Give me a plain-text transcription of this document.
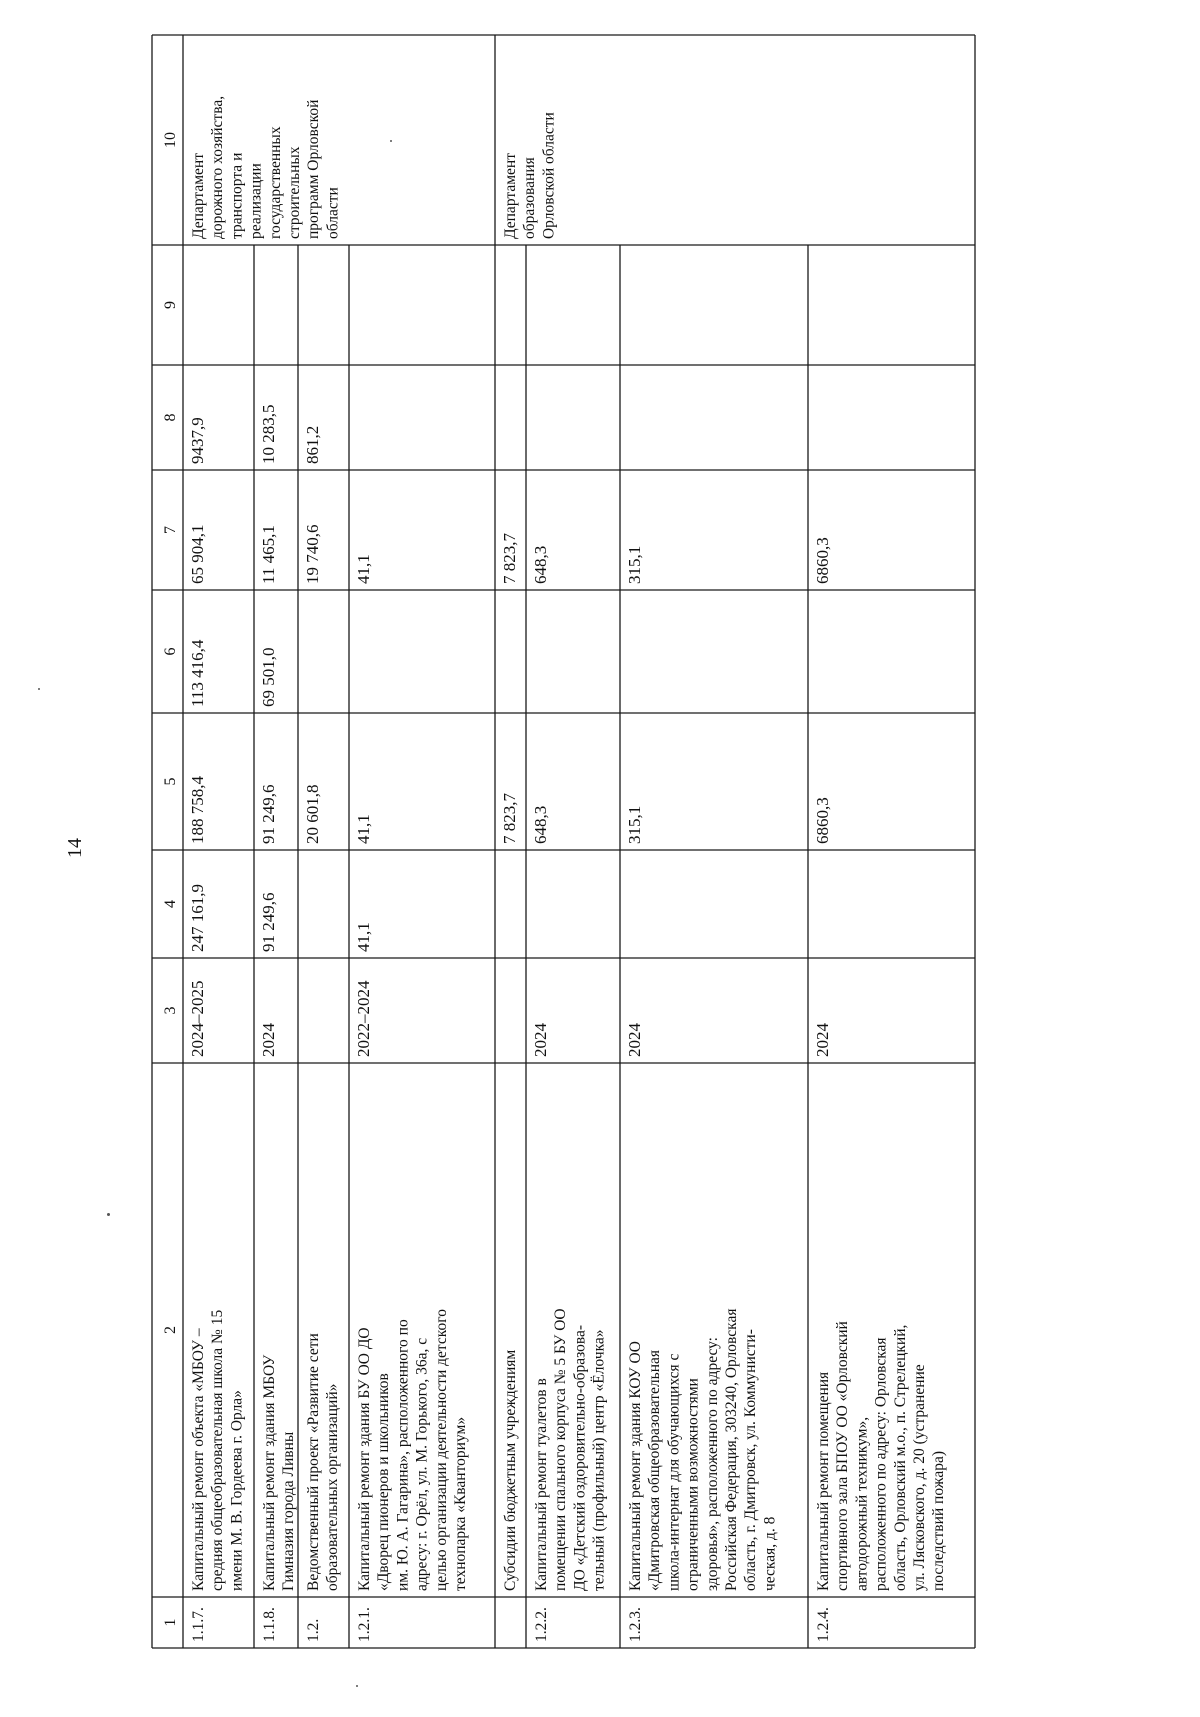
14
1
2
3
4
5
6
7
8
9
10
1.1.7.
Капитальный ремонт объекта «МБОУ – средняя общеобразовательная школа № 15 имени М. В. Гордеева г. Орла»
2024–2025
247 161,9
188 758,4
113 416,4
65 904,1
9437,9
1.1.8.
Капитальный ремонт здания МБОУ Гимназия города Ливны
2024
91 249,6
91 249,6
69 501,0
11 465,1
10 283,5
1.2.
Ведомственный проект «Развитие сети образовательных организаций»
20 601,8
19 740,6
861,2
1.2.1.
Капитальный ремонт здания БУ ОО ДО «Дворец пионеров и школьников им. Ю. А. Гагарина», расположенного по адресу: г. Орёл, ул. М. Горького, 36а, с целью организации деятельности детского технопарка «Кванториум»
2022–2024
41,1
41,1
41,1
Субсидии бюджетным учреждениям
7 823,7
7 823,7
1.2.2.
Капитальный ремонт туалетов в помещении спального корпуса № 5 БУ ОО ДО «Детский оздоровительно-образова- тельный (профильный) центр «Ёлочка»
2024
648,3
648,3
1.2.3.
Капитальный ремонт здания КОУ ОО «Дмитровская общеобразовательная школа-интернат для обучающихся с ограниченными возможностями здоровья», расположенного по адресу: Российская Федерация, 303240, Орловская область, г. Дмитровск, ул. Коммунисти- ческая, д. 8
2024
315,1
315,1
1.2.4.
Капитальный ремонт помещения спортивного зала БПОУ ОО «Орловский автодорожный техникум», расположенного по адресу: Орловская область, Орловский м.о., п. Стрелецкий, ул. Лясковского, д. 20 (устранение последствий пожара)
2024
6860,3
6860,3
Департамент дорожного хозяйства, транспорта и реализации государственных строительных программ Орловской области	Департамент образования Орловской области
